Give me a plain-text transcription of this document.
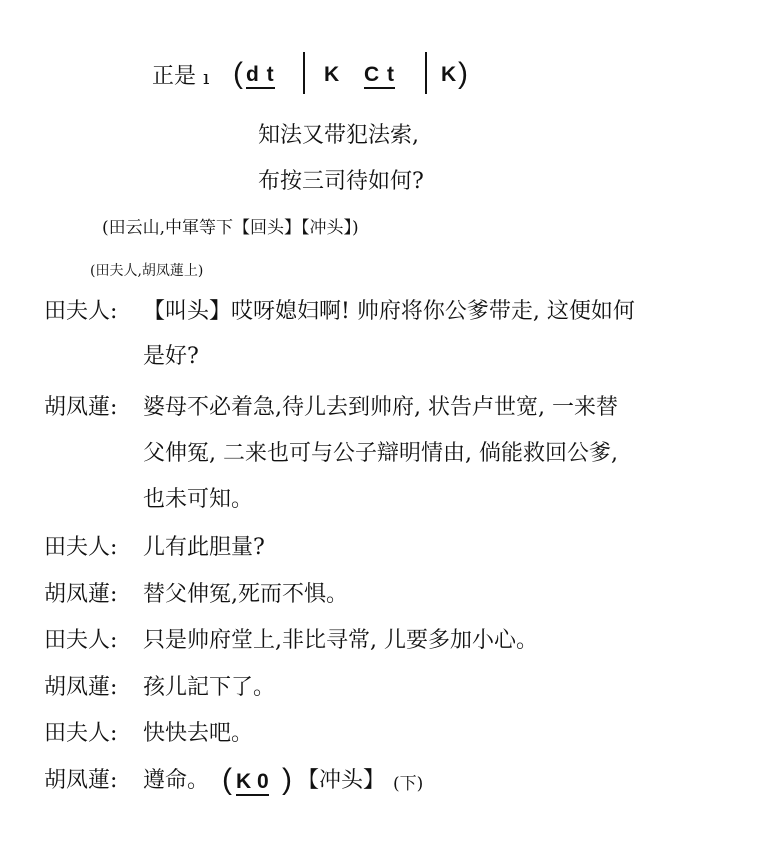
正是 ı ( d t K C t K )
知法又带犯法索,
布按三司待如何?
(田云山,中軍等下【回头】【冲头】)
(田夫人,胡凤蓮上)
田夫人: 【叫头】哎呀媳妇啊! 帅府将你公爹带走, 这便如何
是好?
胡凤蓮: 婆母不必着急,待儿去到帅府, 状告卢世宽, 一来替
父伸冤, 二来也可与公子辯明情由, 倘能救回公爹,
也未可知。
田夫人: 儿有此胆量?
胡凤蓮: 替父伸冤,死而不惧。
田夫人: 只是帅府堂上,非比寻常, 儿要多加小心。
胡凤蓮: 孩儿記下了。
田夫人: 快快去吧。
胡凤蓮: 遵命。 ( K 0 ) 【冲头】 (下)
